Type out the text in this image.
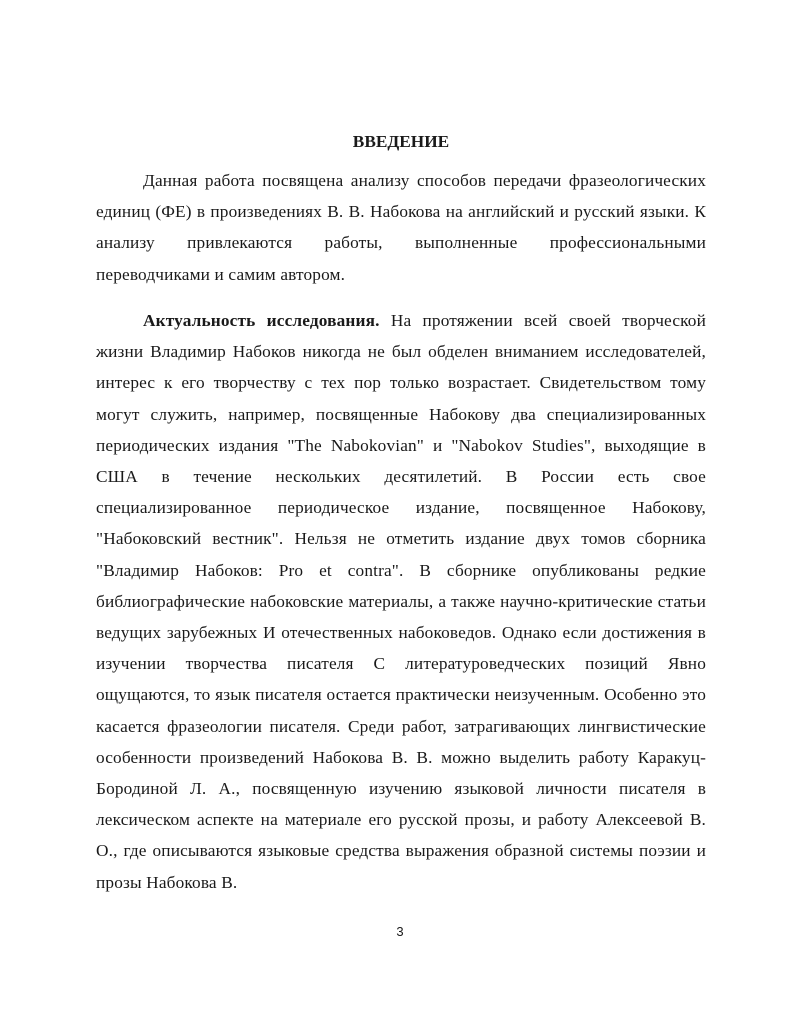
ВВЕДЕНИЕ

Данная работа посвящена анализу способов передачи фразеологических единиц (ФЕ) в произведениях В. В. Набокова на английский и русский языки. К анализу привлекаются работы, выполненные профессиональными переводчиками и самим автором.

Актуальность исследования. На протяжении всей своей творческой жизни Владимир Набоков никогда не был обделен вниманием исследователей, интерес к его творчеству с тех пор только возрастает. Свидетельством тому могут служить, например, посвященные Набокову два специализированных периодических издания "The Nabokovian" и "Nabokov Studies", выходящие в США в течение нескольких десятилетий. В России есть свое специализированное периодическое издание, посвященное Набокову, "Набоковский вестник". Нельзя не отметить издание двух томов сборника "Владимир Набоков: Pro et contra". В сборнике опубликованы редкие библиографические набоковские материалы, а также научно-критические статьи ведущих зарубежных И отечественных набоковедов. Однако если достижения в изучении творчества писателя С литературоведческих позиций Явно ощущаются, то язык писателя остается практически неизученным. Особенно это касается фразеологии писателя. Среди работ, затрагивающих лингвистические особенности произведений Набокова В. В. можно выделить работу Каракуц-Бородиной Л. А., посвященную изучению языковой личности писателя в лексическом аспекте на материале его русской прозы, и работу Алексеевой В. О., где описываются языковые средства выражения образной системы поэзии и прозы Набокова В.

3
